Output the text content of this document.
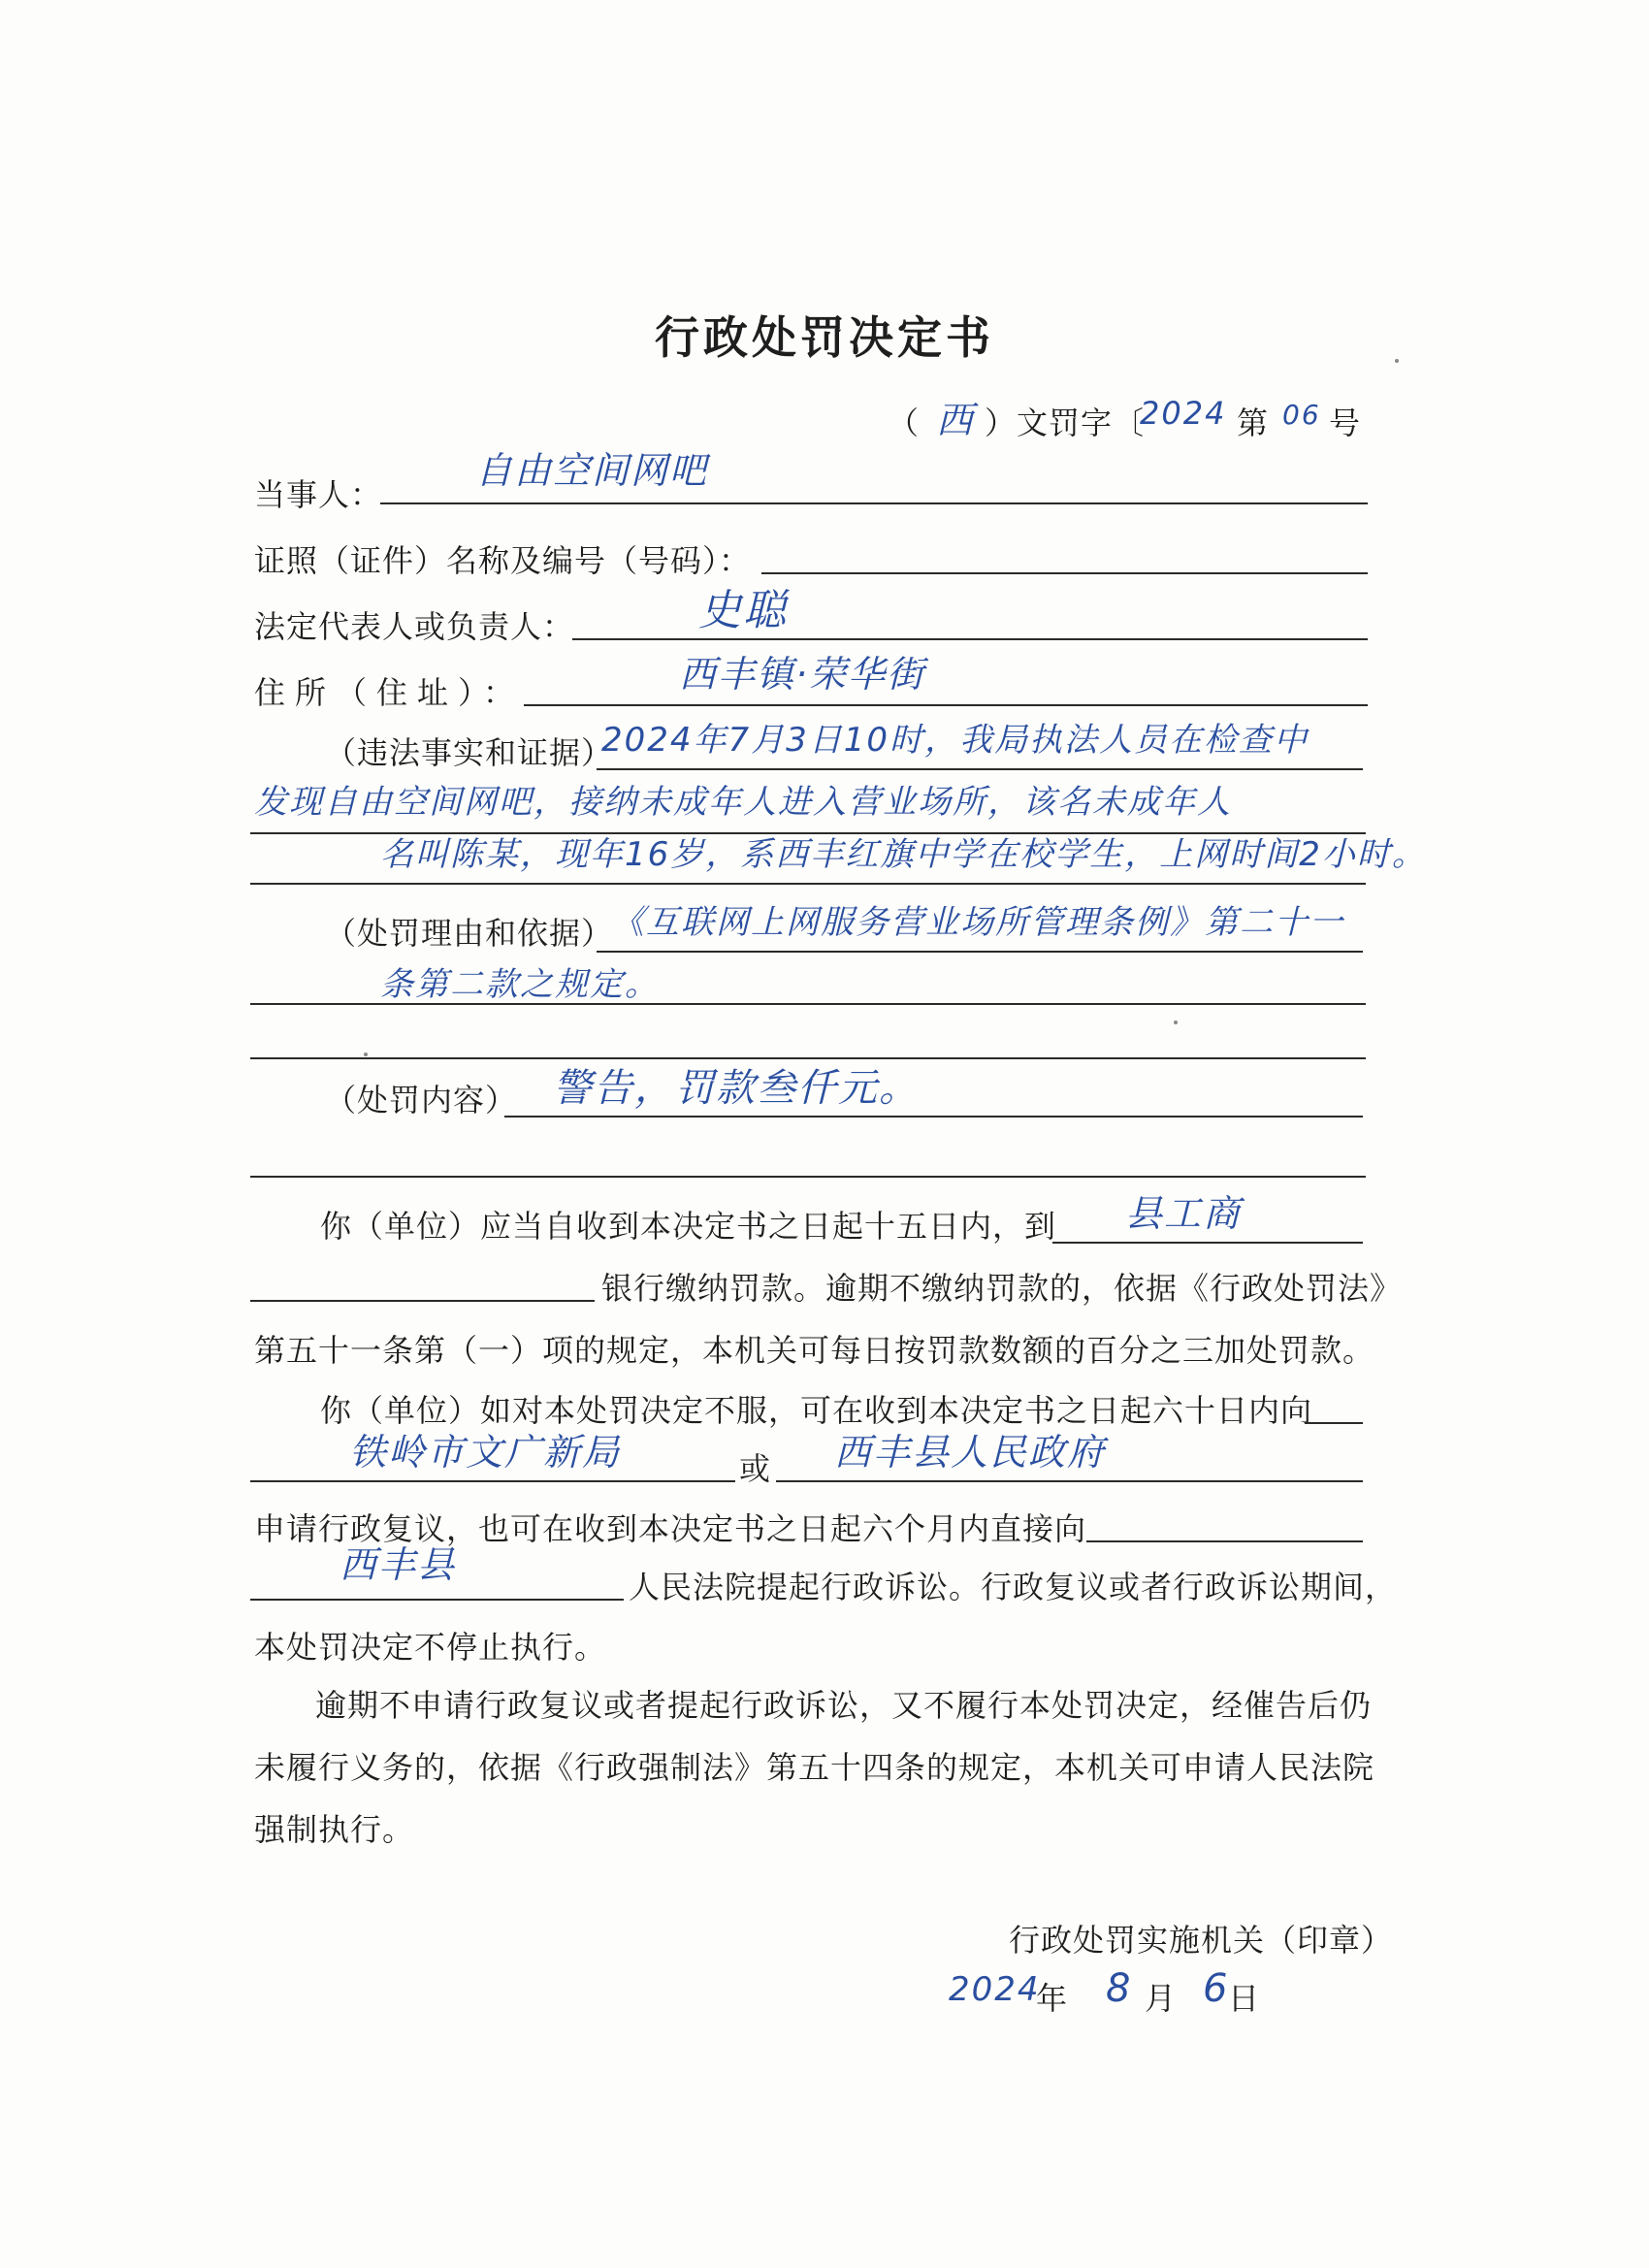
行政处罚决定书
（ 西 ）文罚字〔
2024 第 06 号
当事人：
自由空间网吧
证照（证件）名称及编号（号码）：
法定代表人或负责人：	史聪
住所（住址）：	西丰镇·荣华街
（违法事实和证据）
2024年7月3日10时，我局执法人员在检查中
发现自由空间网吧，接纳未成年人进入营业场所，该名未成年人
名叫陈某，现年16岁，系西丰红旗中学在校学生，上网时间2小时。
（处罚理由和依据）
《互联网上网服务营业场所管理条例》第二十一
条第二款之规定。
（处罚内容） 警告，罚款叁仟元。
你（单位）应当自收到本决定书之日起十五日内，到 县工商
银行缴纳罚款。逾期不缴纳罚款的，依据《行政处罚法》
第五十一条第（一）项的规定，本机关可每日按罚款数额的百分之三加处罚款。
你（单位）如对本处罚决定不服，可在收到本决定书之日起六十日内向
铁岭市文广新局	或 西丰县人民政府
申请行政复议，也可在收到本决定书之日起六个月内直接向
西丰县
人民法院提起行政诉讼。行政复议或者行政诉讼期间，
本处罚决定不停止执行。
逾期不申请行政复议或者提起行政诉讼，又不履行本处罚决定，经催告后仍
未履行义务的，依据《行政强制法》第五十四条的规定，本机关可申请人民法院
强制执行。
行政处罚实施机关（印章）
2024
年 8 月 6
日
